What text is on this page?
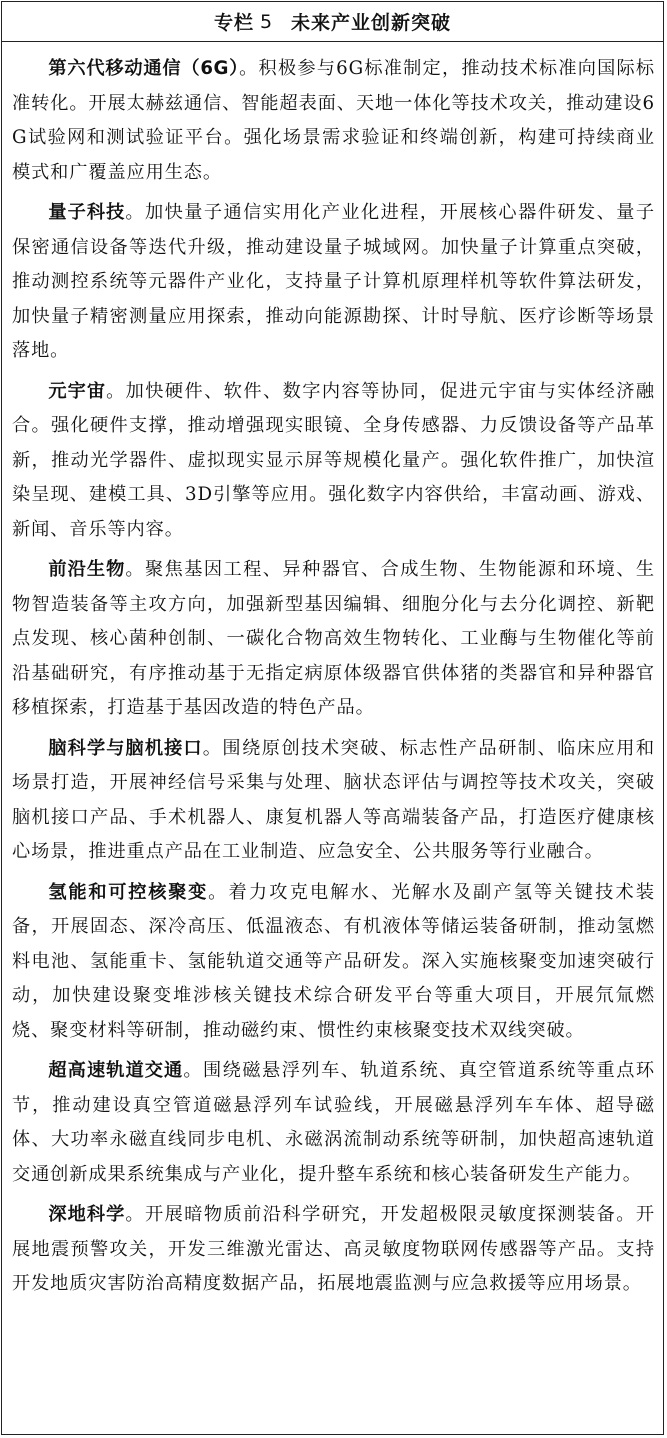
专栏 5 未来产业创新突破

第六代移动通信（6G）。积极参与6G标准制定，推动技术标准向国际标准转化。开展太赫兹通信、智能超表面、天地一体化等技术攻关，推动建设6G试验网和测试验证平台。强化场景需求验证和终端创新，构建可持续商业模式和广覆盖应用生态。

量子科技。加快量子通信实用化产业化进程，开展核心器件研发、量子保密通信设备等迭代升级，推动建设量子城域网。加快量子计算重点突破，推动测控系统等元器件产业化，支持量子计算机原理样机等软件算法研发，加快量子精密测量应用探索，推动向能源勘探、计时导航、医疗诊断等场景落地。

元宇宙。加快硬件、软件、数字内容等协同，促进元宇宙与实体经济融合。强化硬件支撑，推动增强现实眼镜、全身传感器、力反馈设备等产品革新，推动光学器件、虚拟现实显示屏等规模化量产。强化软件推广，加快渲染呈现、建模工具、3D引擎等应用。强化数字内容供给，丰富动画、游戏、新闻、音乐等内容。

前沿生物。聚焦基因工程、异种器官、合成生物、生物能源和环境、生物智造装备等主攻方向，加强新型基因编辑、细胞分化与去分化调控、新靶点发现、核心菌种创制、一碳化合物高效生物转化、工业酶与生物催化等前沿基础研究，有序推动基于无指定病原体级器官供体猪的类器官和异种器官移植探索，打造基于基因改造的特色产品。

脑科学与脑机接口。围绕原创技术突破、标志性产品研制、临床应用和场景打造，开展神经信号采集与处理、脑状态评估与调控等技术攻关，突破脑机接口产品、手术机器人、康复机器人等高端装备产品，打造医疗健康核心场景，推进重点产品在工业制造、应急安全、公共服务等行业融合。

氢能和可控核聚变。着力攻克电解水、光解水及副产氢等关键技术装备，开展固态、深冷高压、低温液态、有机液体等储运装备研制，推动氢燃料电池、氢能重卡、氢能轨道交通等产品研发。深入实施核聚变加速突破行动，加快建设聚变堆涉核关键技术综合研发平台等重大项目，开展氘氚燃烧、聚变材料等研制，推动磁约束、惯性约束核聚变技术双线突破。

超高速轨道交通。围绕磁悬浮列车、轨道系统、真空管道系统等重点环节，推动建设真空管道磁悬浮列车试验线，开展磁悬浮列车车体、超导磁体、大功率永磁直线同步电机、永磁涡流制动系统等研制，加快超高速轨道交通创新成果系统集成与产业化，提升整车系统和核心装备研发生产能力。

深地科学。开展暗物质前沿科学研究，开发超极限灵敏度探测装备。开展地震预警攻关，开发三维激光雷达、高灵敏度物联网传感器等产品。支持开发地质灾害防治高精度数据产品，拓展地震监测与应急救援等应用场景。
